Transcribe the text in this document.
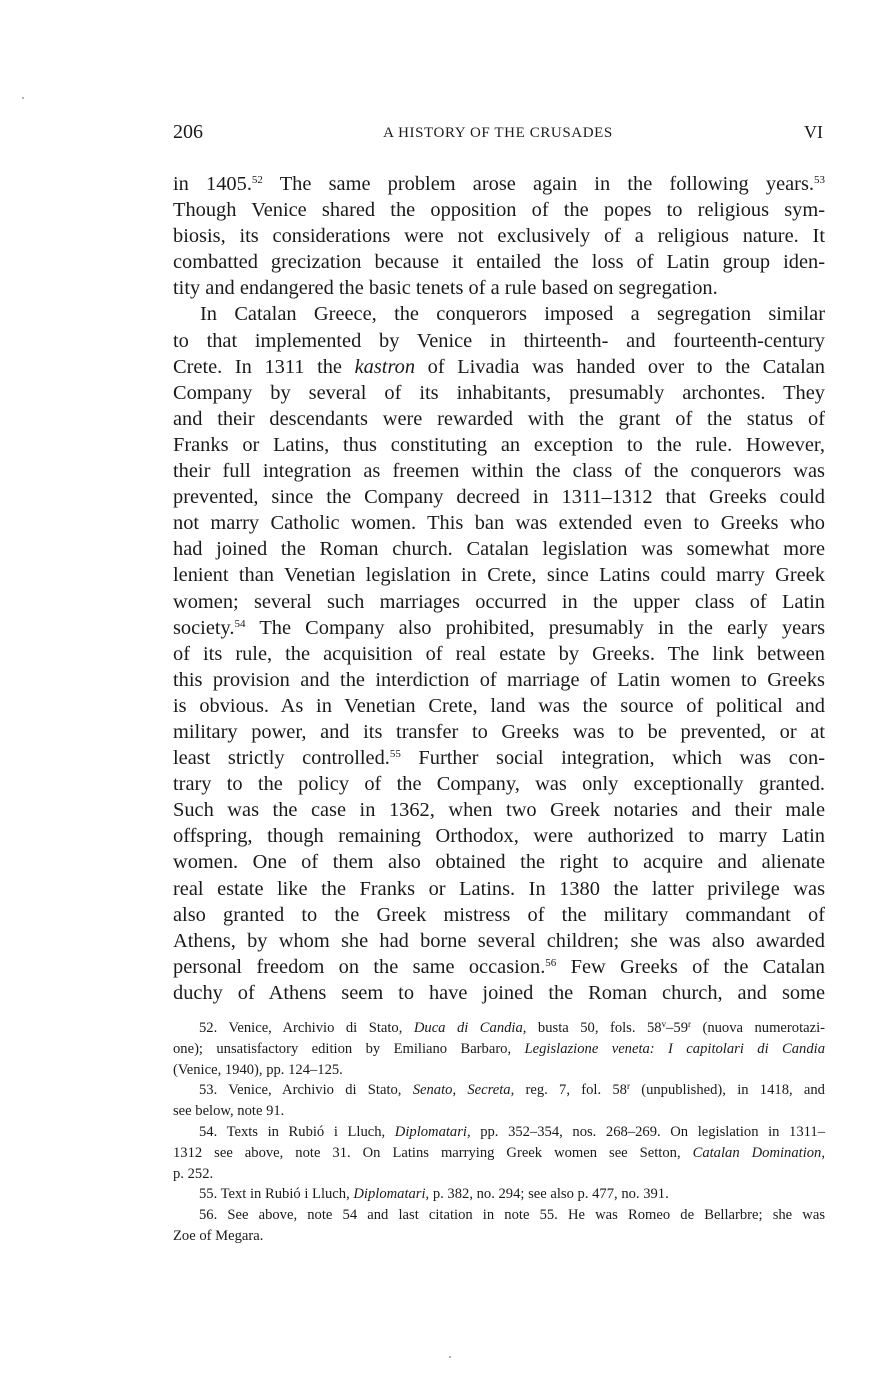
206	A HISTORY OF THE CRUSADES	VI
in 1405.52 The same problem arose again in the following years.$^{53}$
Though Venice shared the opposition of the popes to religious sym-
biosis, its considerations were not exclusively of a religious nature. It
combatted grecization because it entailed the loss of Latin group iden-
tity and endangered the basic tenets of a rule based on segregation.
In Catalan Greece, the conquerors imposed a segregation similar
to that implemented by Venice in thirteenth- and fourteenth-century
Crete. In 1311 the kastron of Livadia was handed over to the Catalan
Company by several of its inhabitants, presumably archontes. They
and their descendants were rewarded with the grant of the status of
Franks or Latins, thus constituting an exception to the rule. However,
their full integration as freemen within the class of the conquerors was
prevented, since the Company decreed in 1311–1312 that Greeks could
not marry Catholic women. This ban was extended even to Greeks who
had joined the Roman church. Catalan legislation was somewhat more
lenient than Venetian legislation in Crete, since Latins could marry Greek
women; several such marriages occurred in the upper class of Latin
society.$^{54}$ The Company also prohibited, presumably in the early years
of its rule, the acquisition of real estate by Greeks. The link between
this provision and the interdiction of marriage of Latin women to Greeks
is obvious. As in Venetian Crete, land was the source of political and
military power, and its transfer to Greeks was to be prevented, or at
least strictly controlled.$^{55}$ Further social integration, which was con-
trary to the policy of the Company, was only exceptionally granted.
Such was the case in 1362, when two Greek notaries and their male
offspring, though remaining Orthodox, were authorized to marry Latin
women. One of them also obtained the right to acquire and alienate
real estate like the Franks or Latins. In 1380 the latter privilege was
also granted to the Greek mistress of the military commandant of
Athens, by whom she had borne several children; she was also awarded
personal freedom on the same occasion.$^{56}$ Few Greeks of the Catalan
duchy of Athens seem to have joined the Roman church, and some
52. Venice, Archivio di Stato, Duca di Candia, busta 50, fols. 58$^v$–59$^r$ (nuova numerotazi-
one); unsatisfactory edition by Emiliano Barbaro, Legislazione veneta: I capitolari di Candia
(Venice, 1940), pp. 124–125.
53. Venice, Archivio di Stato, Senato, Secreta, reg. 7, fol. 58$^r$ (unpublished), in 1418, and
see below, note 91.
54. Texts in Rubió i Lluch, Diplomatari, pp. 352–354, nos. 268–269. On legislation in 1311–
1312 see above, note 31. On Latins marrying Greek women see Setton, Catalan Domination,
p. 252.
55. Text in Rubió i Lluch, Diplomatari, p. 382, no. 294; see also p. 477, no. 391.
56. See above, note 54 and last citation in note 55. He was Romeo de Bellarbre; she was
Zoe of Megara.
